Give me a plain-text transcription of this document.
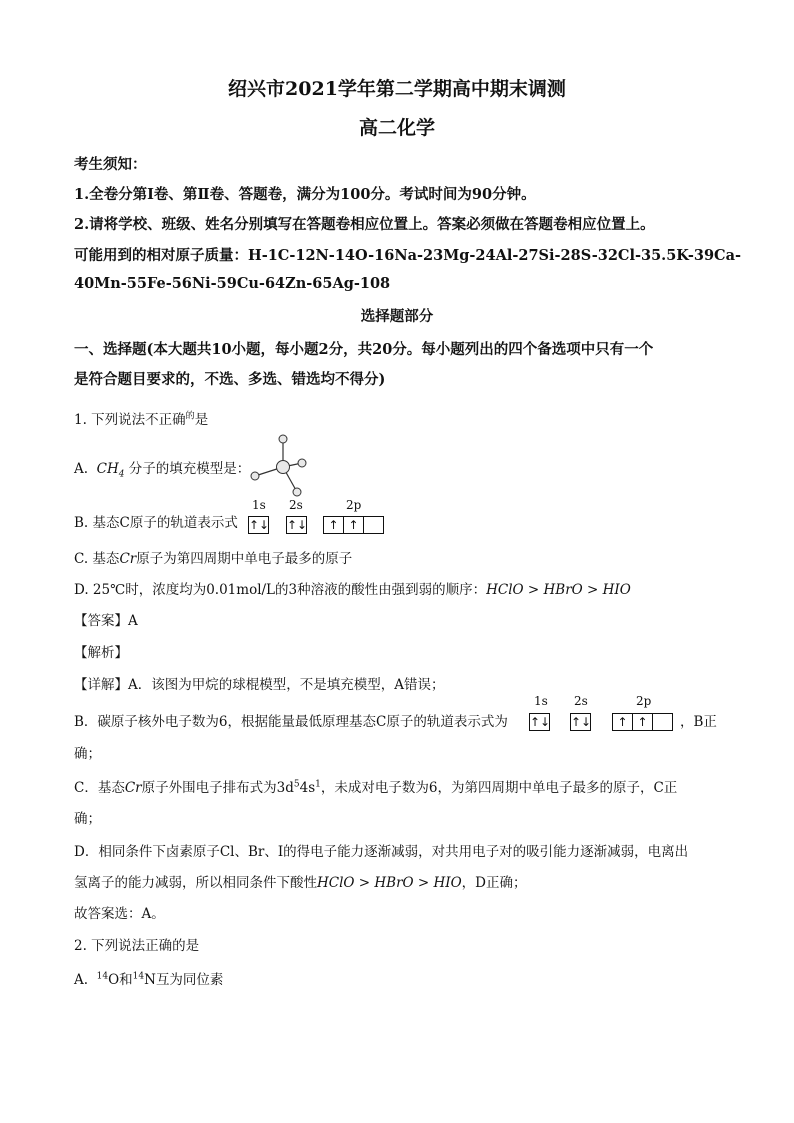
绍兴市2021学年第二学期高中期末调测
高二化学
考生须知：
1.全卷分第Ⅰ卷、第Ⅱ卷、答题卷，满分为100分。考试时间为90分钟。
2.请将学校、班级、姓名分别填写在答题卷相应位置上。答案必须做在答题卷相应位置上。
可能用到的相对原子质量：H-1C-12N-14O-16Na-23Mg-24Al-27Si-28S-32Cl-35.5K-39Ca-
40Mn-55Fe-56Ni-59Cu-64Zn-65Ag-108
选择题部分
一、选择题(本大题共10小题，每小题2分，共20分。每小题列出的四个备选项中只有一个
是符合题目要求的，不选、多选、错选均不得分)
1. 下列说法不正确$^的$是
A. $CH_4$ 分子的填充模型是：
B. 基态C原子的轨道表示式
1s 2s	2p
↑↓ ↑↓	↑ ↑
C. 基态Cr原子为第四周期中单电子最多的原子
D. 25℃时，浓度均为0.01mol/L的3种溶液的酸性由强到弱的顺序：HClO > HBrO > HIO
【答案】A
【解析】
【详解】A．该图为甲烷的球棍模型，不是填充模型，A错误；
B．碳原子核外电子数为6，根据能量最低原理基态C原子的轨道表示式为
1s 2s	2p
↑↓ ↑↓	↑ ↑	，B正
确；
C．基态Cr原子外围电子排布式为$3d^54s^1$，未成对电子数为6，为第四周期中单电子最多的原子，C正
确；
D．相同条件下卤素原子Cl、Br、I的得电子能力逐渐减弱，对共用电子对的吸引能力逐渐减弱，电离出
氢离子的能力减弱，所以相同条件下酸性HClO > HBrO > HIO，D正确；
故答案选：A。
2. 下列说法正确的是
A. $^{14}$O和$^{14}$N互为同位素
